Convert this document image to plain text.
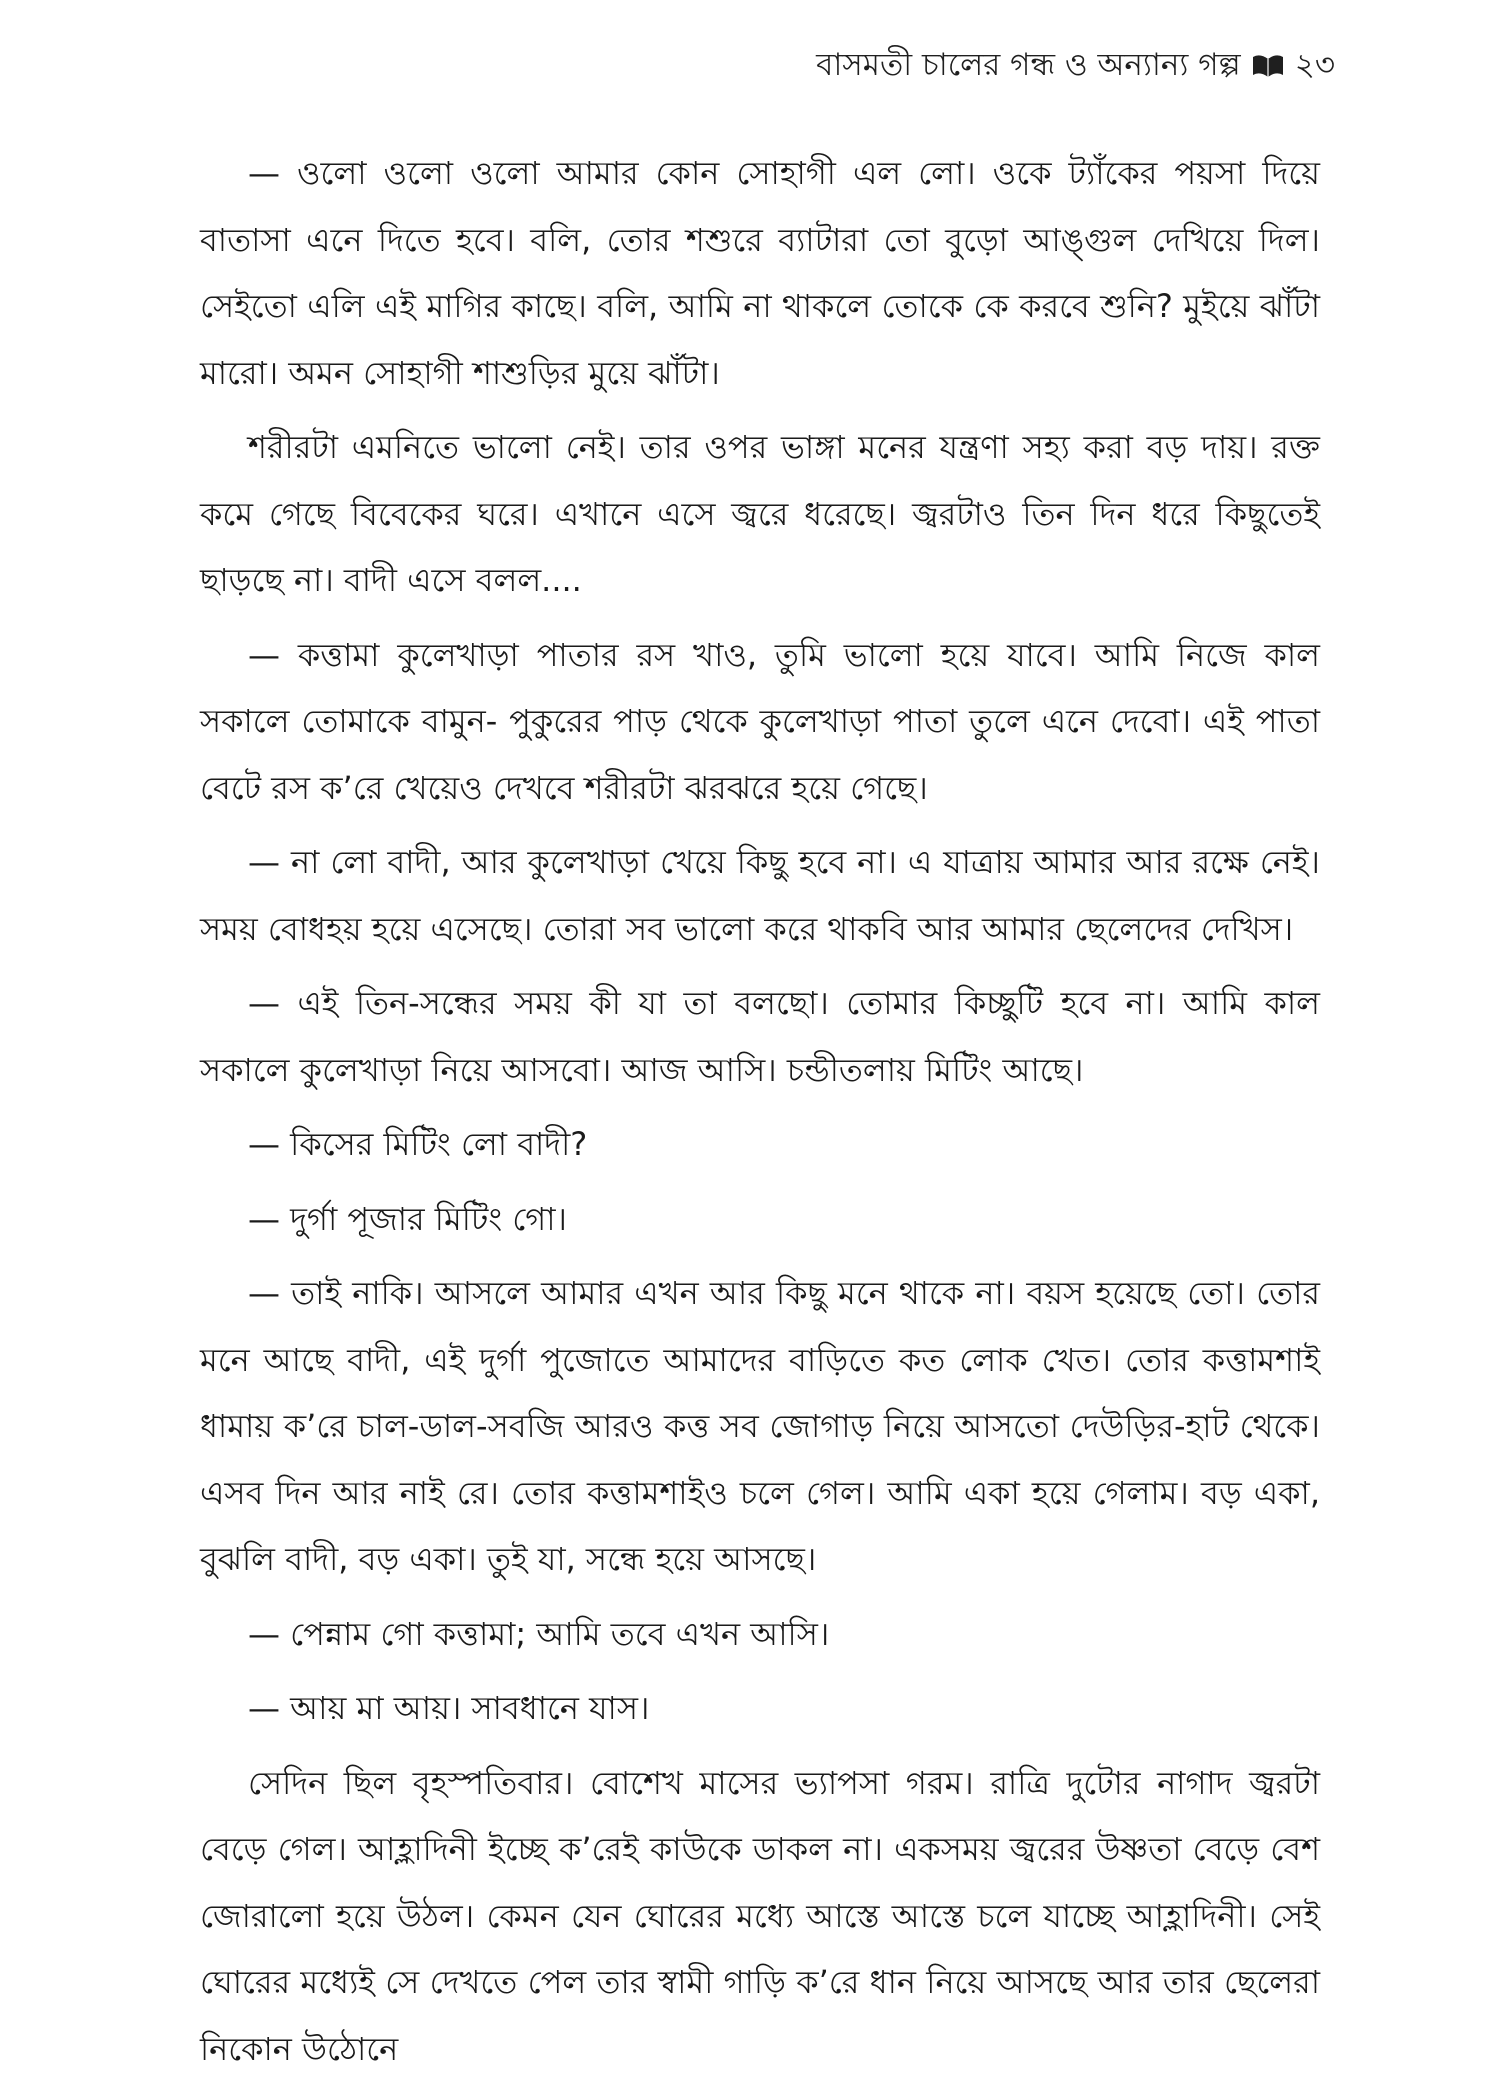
বাসমতী চালের গন্ধ ও অন্যান্য গল্প ২৩

— ওলো ওলো ওলো আমার কোন সোহাগী এল লো। ওকে ট্যাঁকের পয়সা দিয়ে বাতাসা এনে দিতে হবে। বলি, তোর শশুরে ব্যাটারা তো বুড়ো আঙ্গুল দেখিয়ে দিল। সেইতো এলি এই মাগির কাছে। বলি, আমি না থাকলে তোকে কে করবে শুনি? মুইয়ে ঝাঁটা মারো। অমন সোহাগী শাশুড়ির মুয়ে ঝাঁটা।

শরীরটা এমনিতে ভালো নেই। তার ওপর ভাঙ্গা মনের যন্ত্রণা সহ্য করা বড় দায়। রক্ত কমে গেছে বিবেকের ঘরে। এখানে এসে জ্বরে ধরেছে। জ্বরটাও তিন দিন ধরে কিছুতেই ছাড়ছে না। বাদী এসে বলল....

— কত্তামা কুলেখাড়া পাতার রস খাও, তুমি ভালো হয়ে যাবে। আমি নিজে কাল সকালে তোমাকে বামুন- পুকুরের পাড় থেকে কুলেখাড়া পাতা তুলে এনে দেবো। এই পাতা বেটে রস ক’রে খেয়েও দেখবে শরীরটা ঝরঝরে হয়ে গেছে।

— না লো বাদী, আর কুলেখাড়া খেয়ে কিছু হবে না। এ যাত্রায় আমার আর রক্ষে নেই। সময় বোধহয় হয়ে এসেছে। তোরা সব ভালো করে থাকবি আর আমার ছেলেদের দেখিস।

— এই তিন-সন্ধের সময় কী যা তা বলছো। তোমার কিচ্ছুটি হবে না। আমি কাল সকালে কুলেখাড়া নিয়ে আসবো। আজ আসি। চন্ডীতলায় মিটিং আছে।

— কিসের মিটিং লো বাদী?

— দুর্গা পূজার মিটিং গো।

— তাই নাকি। আসলে আমার এখন আর কিছু মনে থাকে না। বয়স হয়েছে তো। তোর মনে আছে বাদী, এই দুর্গা পুজোতে আমাদের বাড়িতে কত লোক খেত। তোর কত্তামশাই ধামায় ক’রে চাল-ডাল-সবজি আরও কত্ত সব জোগাড় নিয়ে আসতো দেউড়ির-হাট থেকে। এসব দিন আর নাই রে। তোর কত্তামশাইও চলে গেল। আমি একা হয়ে গেলাম। বড় একা, বুঝলি বাদী, বড় একা। তুই যা, সন্ধে হয়ে আসছে।

— পেন্নাম গো কত্তামা; আমি তবে এখন আসি।

— আয় মা আয়। সাবধানে যাস।

সেদিন ছিল বৃহস্পতিবার। বোশেখ মাসের ভ্যাপসা গরম। রাত্রি দুটোর নাগাদ জ্বরটা বেড়ে গেল। আহ্লাদিনী ইচ্ছে ক’রেই কাউকে ডাকল না। একসময় জ্বরের উষ্ণতা বেড়ে বেশ জোরালো হয়ে উঠল। কেমন যেন ঘোরের মধ্যে আস্তে আস্তে চলে যাচ্ছে আহ্লাদিনী। সেই ঘোরের মধ্যেই সে দেখতে পেল তার স্বামী গাড়ি ক’রে ধান নিয়ে আসছে আর তার ছেলেরা নিকোন উঠোনে
